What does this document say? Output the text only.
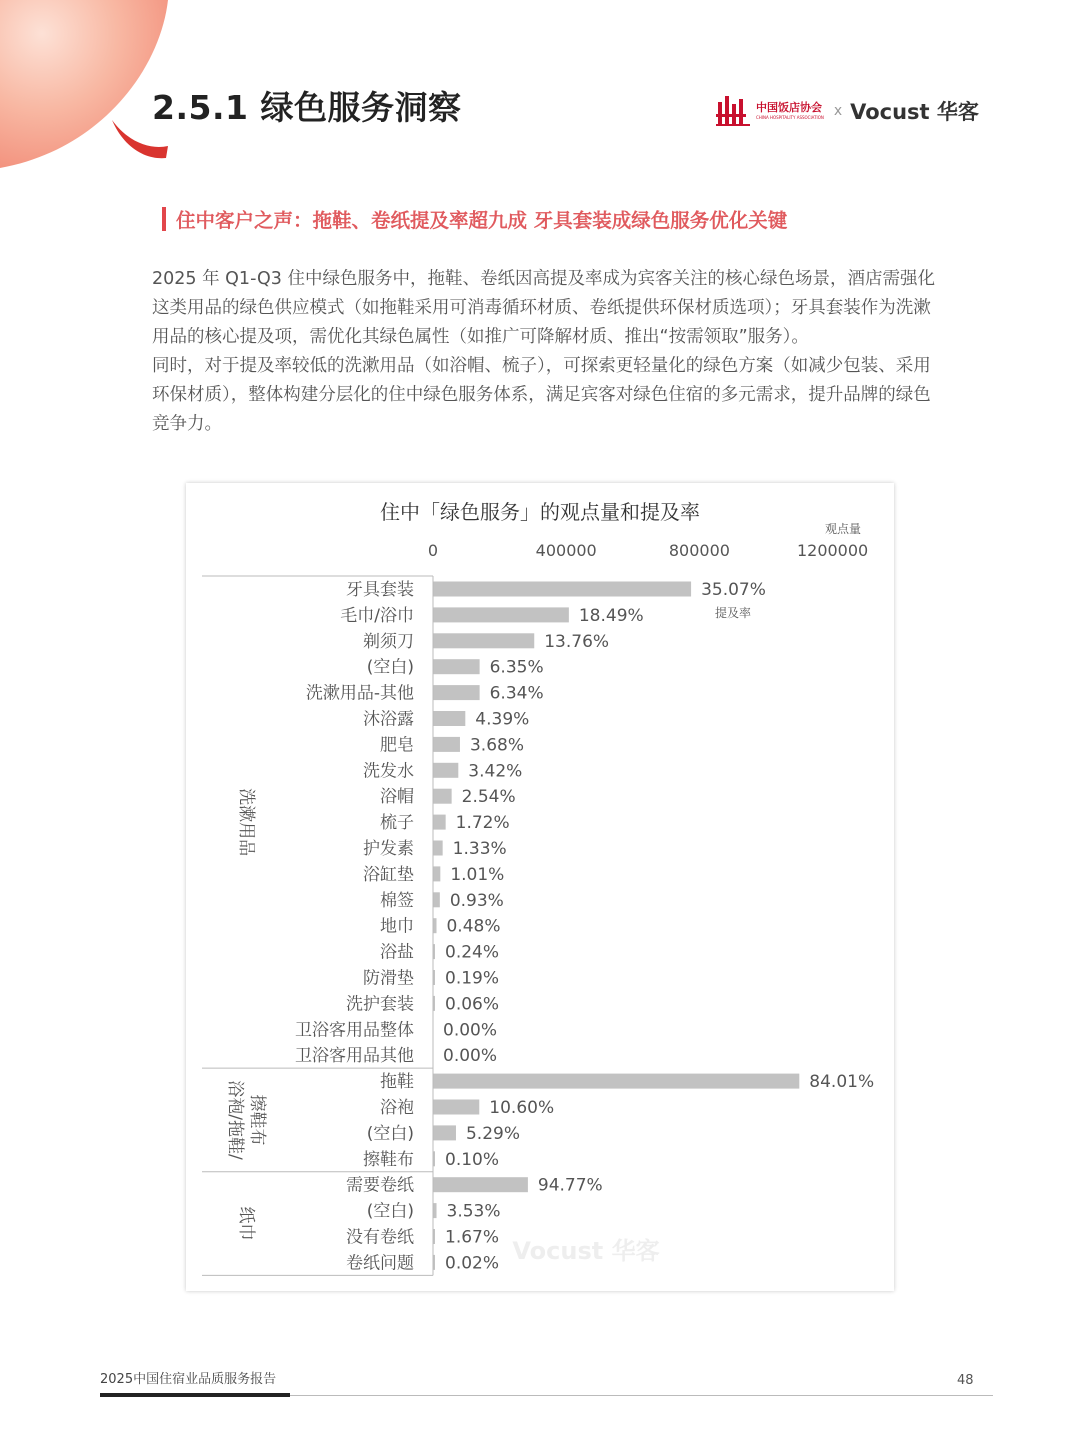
2.5.1 绿色服务洞察	中国饭店协会
CHINA HOSPITALITY ASSOCIATION x Vocust 华客
住中客户之声：拖鞋、卷纸提及率超九成 牙具套装成绿色服务优化关键

2025 年 Q1-Q3 住中绿色服务中，拖鞋、卷纸因高提及率成为宾客关注的核心绿色场景，酒店需强化这类用品的绿色供应模式（如拖鞋采用可消毒循环材质、卷纸提供环保材质选项）；牙具套装作为洗漱用品的核心提及项，需优化其绿色属性（如推广可降解材质、推出“按需领取”服务）。

同时，对于提及率较低的洗漱用品（如浴帽、梳子），可探索更轻量化的绿色方案（如减少包装、采用环保材质），整体构建分层化的住中绿色服务体系，满足宾客对绿色住宿的多元需求，提升品牌的绿色竞争力。

住中「绿色服务」的观点量和提及率
观点量
0	400000	800000	1200000
牙具套装	35.07%
毛巾/浴巾	18.49%
剃须刀	13.76%
(空白)	6.35%
洗漱用品-其他	6.34%
沐浴露	4.39%
肥皂	3.68%
洗发水	3.42%
浴帽	2.54%
梳子 1.72%
护发素 1.33%
浴缸垫 1.01%
棉签 0.93%
地巾 0.48%
浴盐 0.24%
防滑垫 0.19%
洗护套装 0.06%
卫浴客用品整体 0.00%
卫浴客用品其他 0.00%
拖鞋	84.01%
浴袍	10.60%
(空白)	5.29%
擦鞋布 0.10%
需要卷纸	94.77%
(空白) 3.53%
没有卷纸 1.67%
卷纸问题 0.02%
提及率
洗漱用品
浴袍/拖鞋/ 擦鞋布
纸巾
Vocust 华客
2025中国住宿业品质服务报告	48
